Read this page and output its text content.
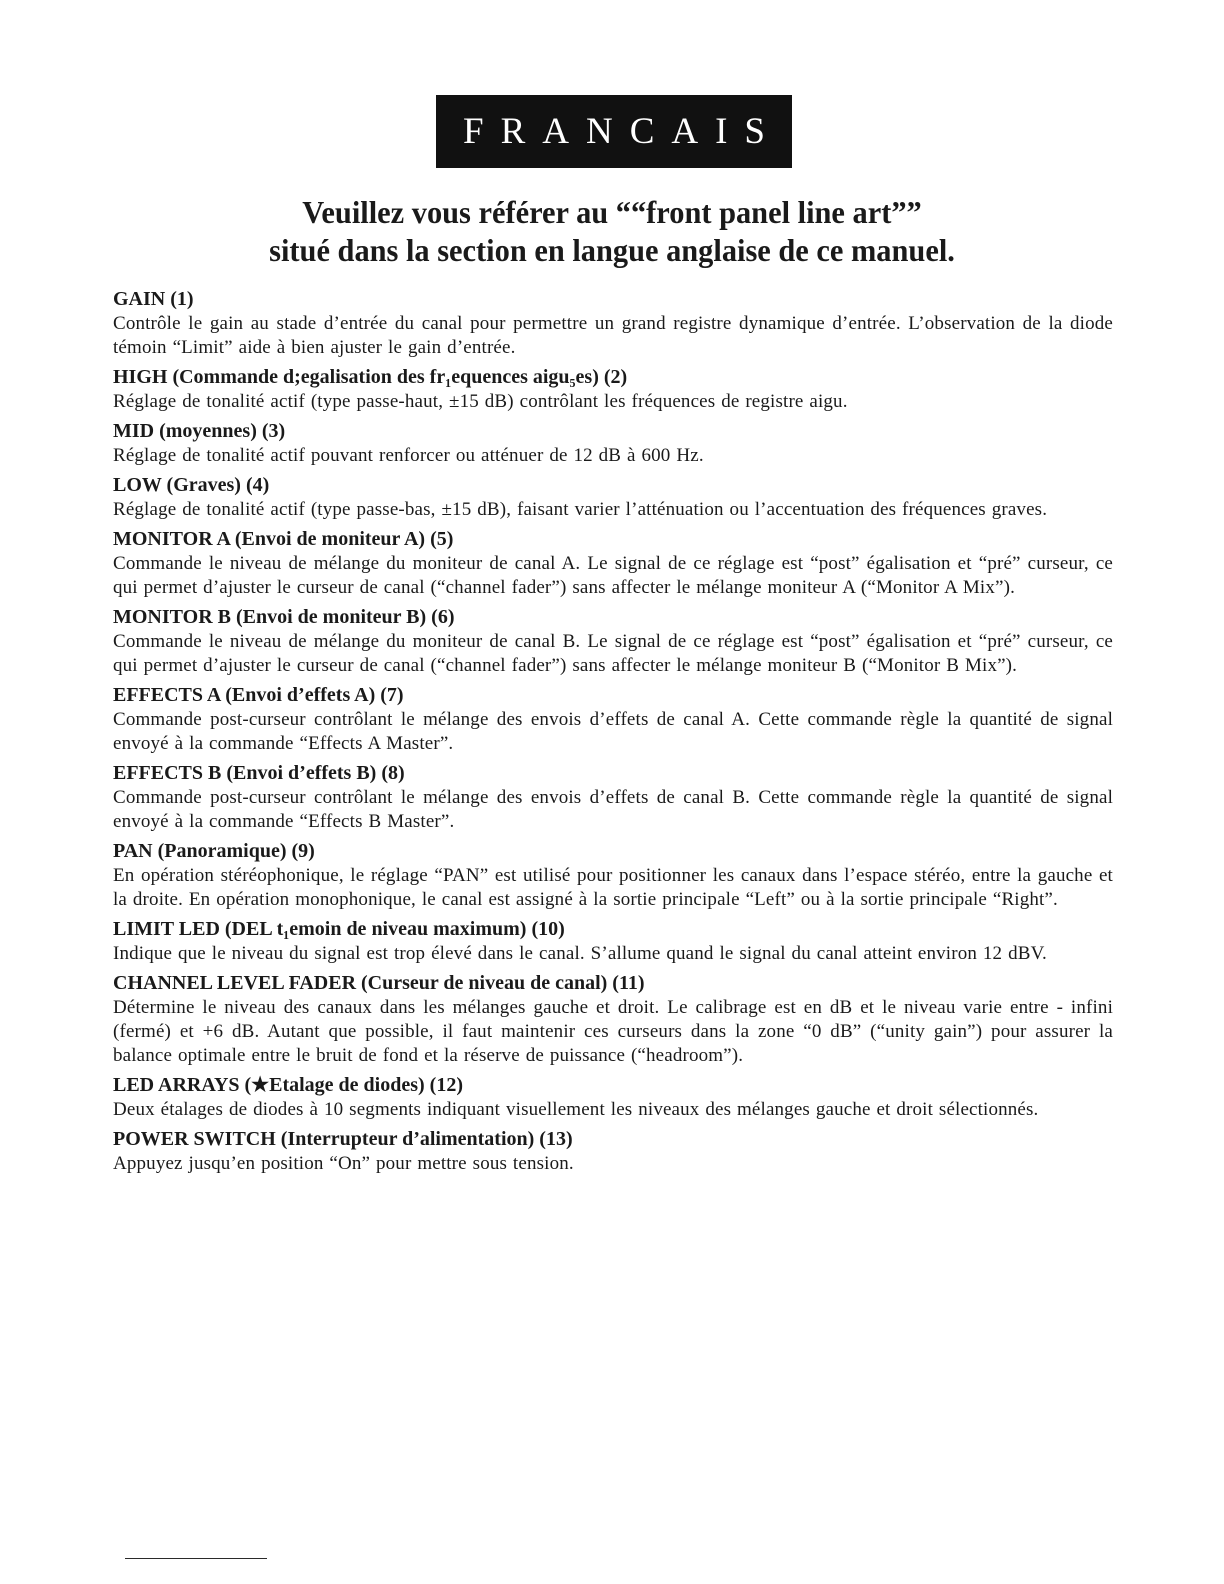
FRANCAIS
Veuillez vous référer au ““front panel line art””
situé dans la section en langue anglaise de ce manuel.
GAIN (1)

Contrôle le gain au stade d’entrée du canal pour permettre un grand registre dynamique d’entrée. L’observation de la diode témoin “Limit” aide à bien ajuster le gain d’entrée.

HIGH (Commande d;egalisation des fr₁equences aigu₅es) (2)

Réglage de tonalité actif (type passe-haut, ±15 dB) contrôlant les fréquences de registre aigu.

MID (moyennes) (3)

Réglage de tonalité actif pouvant renforcer ou atténuer de 12 dB à 600 Hz.

LOW (Graves) (4)

Réglage de tonalité actif (type passe-bas, ±15 dB), faisant varier l’atténuation ou l’accentuation des fréquences graves.

MONITOR A (Envoi de moniteur A) (5)

Commande le niveau de mélange du moniteur de canal A. Le signal de ce réglage est “post” égalisation et “pré” curseur, ce qui permet d’ajuster le curseur de canal (“channel fader”) sans affecter le mélange moniteur A (“Monitor A Mix”).

MONITOR B (Envoi de moniteur B) (6)

Commande le niveau de mélange du moniteur de canal B. Le signal de ce réglage est “post” égalisation et “pré” curseur, ce qui permet d’ajuster le curseur de canal (“channel fader”) sans affecter le mélange moniteur B (“Monitor B Mix”).

EFFECTS A (Envoi d’effets A) (7)

Commande post-curseur contrôlant le mélange des envois d’effets de canal A. Cette commande règle la quantité de signal envoyé à la commande “Effects A Master”.

EFFECTS B (Envoi d’effets B) (8)

Commande post-curseur contrôlant le mélange des envois d’effets de canal B. Cette commande règle la quantité de signal envoyé à la commande “Effects B Master”.

PAN (Panoramique) (9)

En opération stéréophonique, le réglage “PAN” est utilisé pour positionner les canaux dans l’espace stéréo, entre la gauche et la droite. En opération monophonique, le canal est assigné à la sortie principale “Left” ou à la sortie principale “Right”.

LIMIT LED (DEL t₁emoin de niveau maximum) (10)

Indique que le niveau du signal est trop élevé dans le canal. S’allume quand le signal du canal atteint environ 12 dBV.

CHANNEL LEVEL FADER (Curseur de niveau de canal) (11)

Détermine le niveau des canaux dans les mélanges gauche et droit. Le calibrage est en dB et le niveau varie entre - infini (fermé) et +6 dB. Autant que possible, il faut maintenir ces curseurs dans la zone “0 dB” (“unity gain”) pour assurer la balance optimale entre le bruit de fond et la réserve de puissance (“headroom”).

LED ARRAYS (★Etalage de diodes) (12)

Deux étalages de diodes à 10 segments indiquant visuellement les niveaux des mélanges gauche et droit sélectionnés.

POWER SWITCH (Interrupteur d’alimentation) (13)

Appuyez jusqu’en position “On” pour mettre sous tension.
